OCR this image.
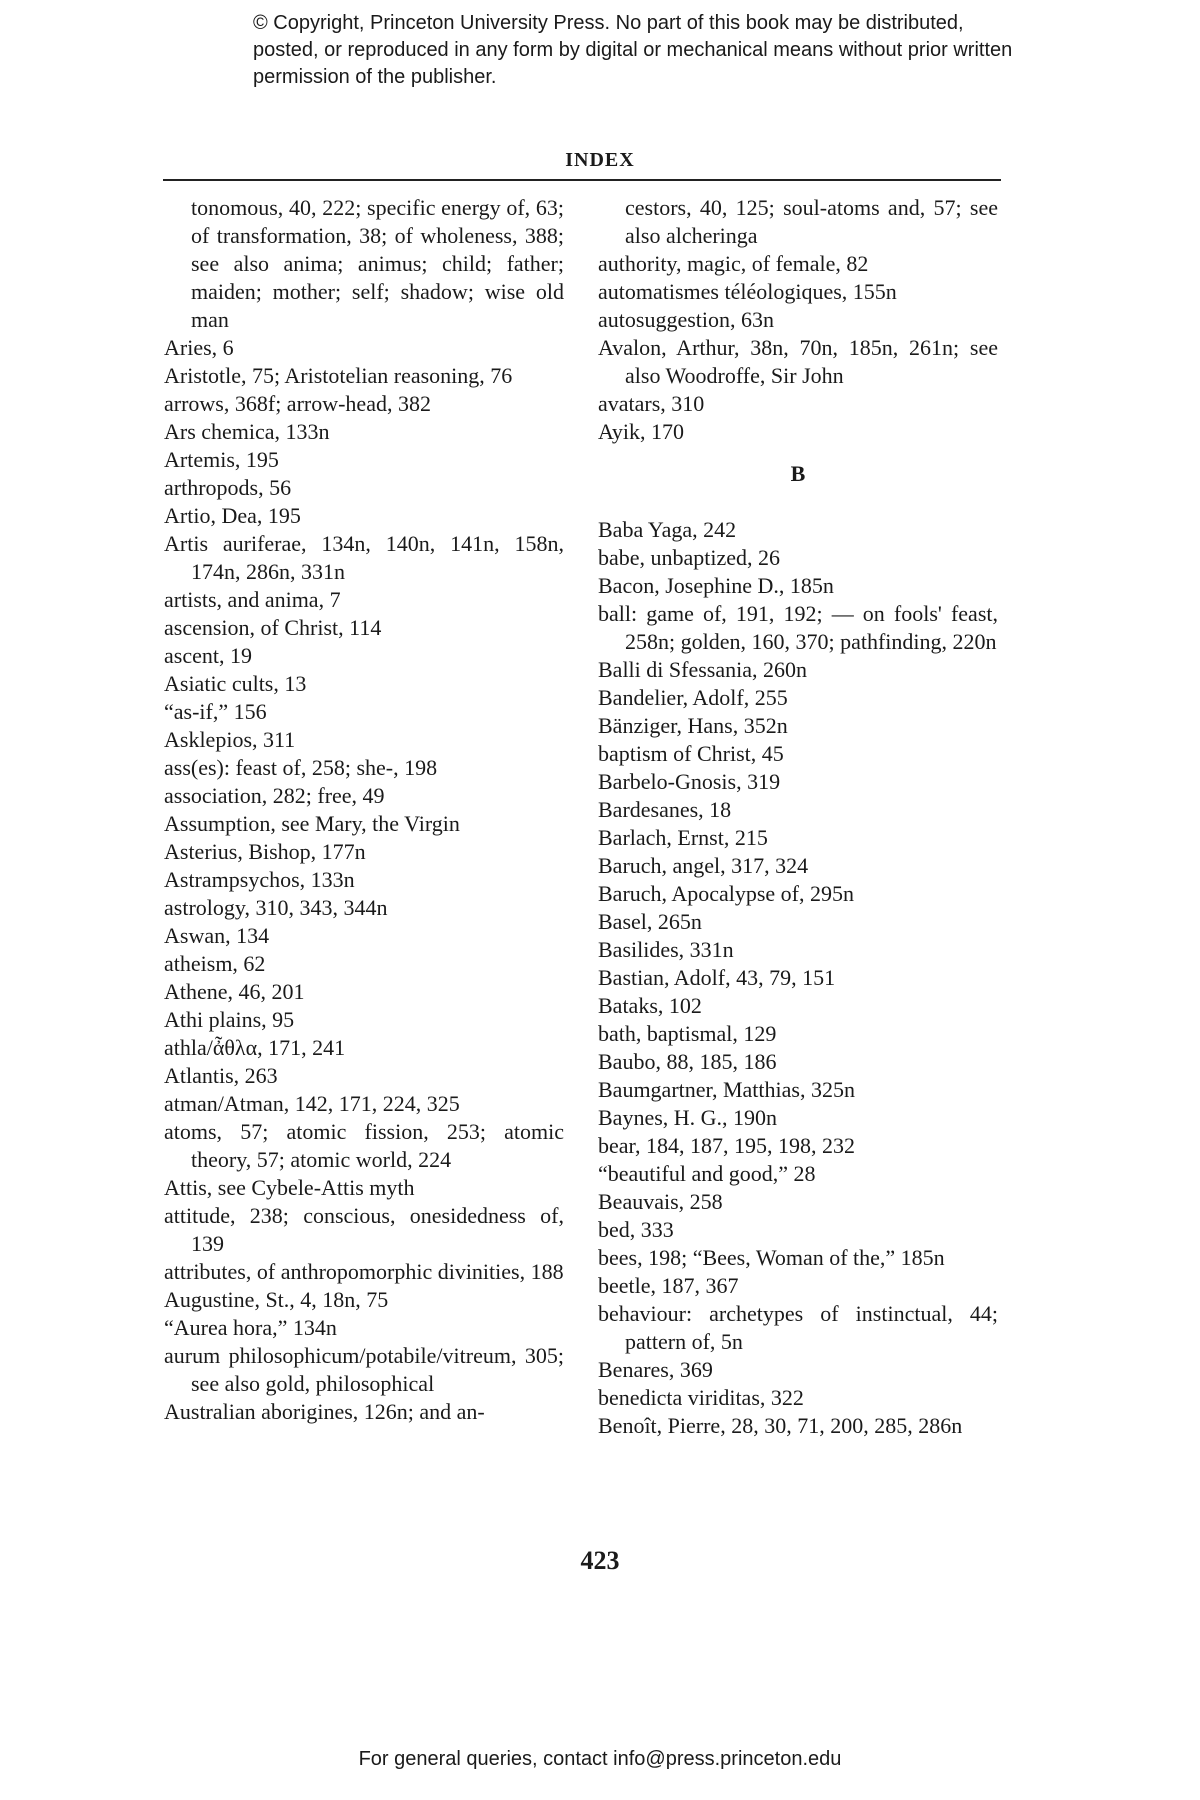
© Copyright, Princeton University Press. No part of this book may be distributed, posted, or reproduced in any form by digital or mechanical means without prior written permission of the publisher.
INDEX
tonomous, 40, 222; specific energy of, 63; of transformation, 38; of wholeness, 388; see also anima; animus; child; father; maiden; mother; self; shadow; wise old man
Aries, 6
Aristotle, 75; Aristotelian reasoning, 76
arrows, 368f; arrow-head, 382
Ars chemica, 133n
Artemis, 195
arthropods, 56
Artio, Dea, 195
Artis auriferae, 134n, 140n, 141n, 158n, 174n, 286n, 331n
artists, and anima, 7
ascension, of Christ, 114
ascent, 19
Asiatic cults, 13
“as-if,” 156
Asklepios, 311
ass(es): feast of, 258; she-, 198
association, 282; free, 49
Assumption, see Mary, the Virgin
Asterius, Bishop, 177n
Astrampsychos, 133n
astrology, 310, 343, 344n
Aswan, 134
atheism, 62
Athene, 46, 201
Athi plains, 95
athla/ἆθλα, 171, 241
Atlantis, 263
atman/Atman, 142, 171, 224, 325
atoms, 57; atomic fission, 253; atomic theory, 57; atomic world, 224
Attis, see Cybele-Attis myth
attitude, 238; conscious, onesidedness of, 139
attributes, of anthropomorphic divinities, 188
Augustine, St., 4, 18n, 75
“Aurea hora,” 134n
aurum philosophicum/potabile/vitreum, 305; see also gold, philosophical
Australian aborigines, 126n; and an-
cestors, 40, 125; soul-atoms and, 57; see also alcheringa
authority, magic, of female, 82
automatismes téléologiques, 155n
autosuggestion, 63n
Avalon, Arthur, 38n, 70n, 185n, 261n; see also Woodroffe, Sir John
avatars, 310
Ayik, 170
B
Baba Yaga, 242
babe, unbaptized, 26
Bacon, Josephine D., 185n
ball: game of, 191, 192; — on fools' feast, 258n; golden, 160, 370; pathfinding, 220n
Balli di Sfessania, 260n
Bandelier, Adolf, 255
Bänziger, Hans, 352n
baptism of Christ, 45
Barbelo-Gnosis, 319
Bardesanes, 18
Barlach, Ernst, 215
Baruch, angel, 317, 324
Baruch, Apocalypse of, 295n
Basel, 265n
Basilides, 331n
Bastian, Adolf, 43, 79, 151
Bataks, 102
bath, baptismal, 129
Baubo, 88, 185, 186
Baumgartner, Matthias, 325n
Baynes, H. G., 190n
bear, 184, 187, 195, 198, 232
“beautiful and good,” 28
Beauvais, 258
bed, 333
bees, 198; “Bees, Woman of the,” 185n
beetle, 187, 367
behaviour: archetypes of instinctual, 44; pattern of, 5n
Benares, 369
benedicta viriditas, 322
Benoît, Pierre, 28, 30, 71, 200, 285, 286n
423
For general queries, contact info@press.princeton.edu
